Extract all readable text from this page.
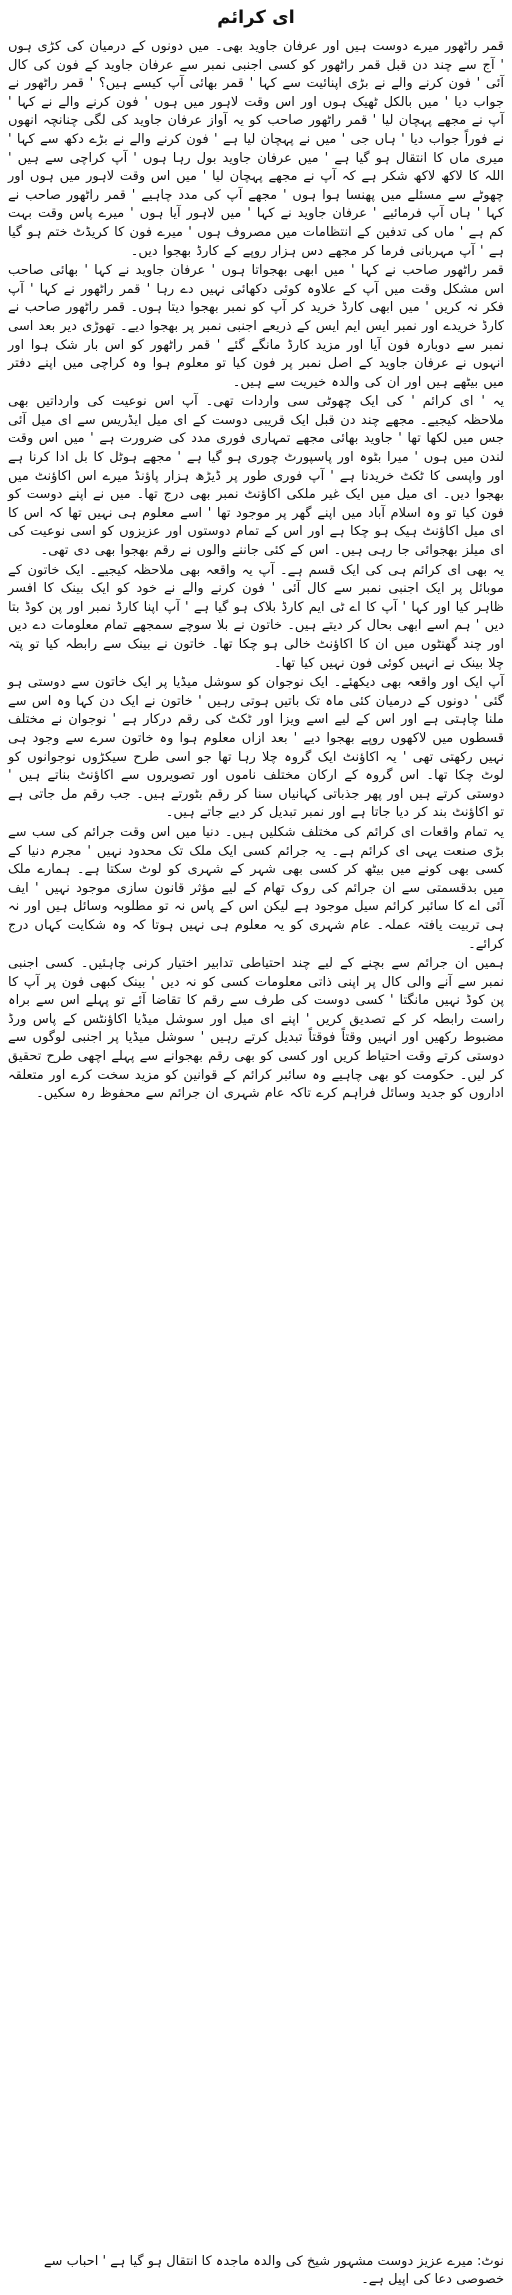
ای کرائم

قمر راٹھور میرے دوست ہیں اور عرفان جاوید بھی۔ میں دونوں کے درمیان کی کڑی ہوں ' آج سے چند دن قبل قمر راٹھور کو کسی اجنبی نمبر سے عرفان جاوید کے فون کی کال آئی ' فون کرنے والے نے بڑی اپنائیت سے کہا ' قمر بھائی آپ کیسے ہیں؟ ' قمر راٹھور نے جواب دیا ' میں بالکل ٹھیک ہوں اور اس وقت لاہور میں ہوں ' فون کرنے والے نے کہا ' آپ نے مجھے پہچان لیا ' قمر راٹھور صاحب کو یہ آواز عرفان جاوید کی لگی چنانچہ انھوں نے فوراً جواب دیا ' ہاں جی ' میں نے پہچان لیا ہے ' فون کرنے والے نے بڑے دکھ سے کہا ' میری ماں کا انتقال ہو گیا ہے ' میں عرفان جاوید بول رہا ہوں ' آپ کراچی سے ہیں ' اللہ کا لاکھ لاکھ شکر ہے کہ آپ نے مجھے پہچان لیا ' میں اس وقت لاہور میں ہوں اور چھوٹے سے مسئلے میں پھنسا ہوا ہوں ' مجھے آپ کی مدد چاہیے ' قمر راٹھور صاحب نے کہا ' ہاں آپ فرمائیے ' عرفان جاوید نے کہا ' میں لاہور آیا ہوں ' میرے پاس وقت بہت کم ہے ' ماں کی تدفین کے انتظامات میں مصروف ہوں ' میرے فون کا کریڈٹ ختم ہو گیا ہے ' آپ مہربانی فرما کر مجھے دس ہزار روپے کے کارڈ بھجوا دیں۔

قمر راٹھور صاحب نے کہا ' میں ابھی بھجواتا ہوں ' عرفان جاوید نے کہا ' بھائی صاحب اس مشکل وقت میں آپ کے علاوہ کوئی دکھائی نہیں دے رہا ' قمر راٹھور نے کہا ' آپ فکر نہ کریں ' میں ابھی کارڈ خرید کر آپ کو نمبر بھجوا دیتا ہوں۔ قمر راٹھور صاحب نے کارڈ خریدے اور نمبر ایس ایم ایس کے ذریعے اجنبی نمبر پر بھجوا دیے۔ تھوڑی دیر بعد اسی نمبر سے دوبارہ فون آیا اور مزید کارڈ مانگے گئے ' قمر راٹھور کو اس بار شک ہوا اور انہوں نے عرفان جاوید کے اصل نمبر پر فون کیا تو معلوم ہوا وہ کراچی میں اپنے دفتر میں بیٹھے ہیں اور ان کی والدہ خیریت سے ہیں۔

یہ ' ای کرائم ' کی ایک چھوٹی سی واردات تھی۔ آپ اس نوعیت کی وارداتیں بھی ملاحظہ کیجیے۔ مجھے چند دن قبل ایک قریبی دوست کے ای میل ایڈریس سے ای میل آئی جس میں لکھا تھا ' جاوید بھائی مجھے تمہاری فوری مدد کی ضرورت ہے ' میں اس وقت لندن میں ہوں ' میرا بٹوہ اور پاسپورٹ چوری ہو گیا ہے ' مجھے ہوٹل کا بل ادا کرنا ہے اور واپسی کا ٹکٹ خریدنا ہے ' آپ فوری طور پر ڈیڑھ ہزار پاؤنڈ میرے اس اکاؤنٹ میں بھجوا دیں۔ ای میل میں ایک غیر ملکی اکاؤنٹ نمبر بھی درج تھا۔ میں نے اپنے دوست کو فون کیا تو وہ اسلام آباد میں اپنے گھر پر موجود تھا ' اسے معلوم ہی نہیں تھا کہ اس کا ای میل اکاؤنٹ ہیک ہو چکا ہے اور اس کے تمام دوستوں اور عزیزوں کو اسی نوعیت کی ای میلز بھجوائی جا رہی ہیں۔ اس کے کئی جاننے والوں نے رقم بھجوا بھی دی تھی۔

یہ بھی ای کرائم ہی کی ایک قسم ہے۔ آپ یہ واقعہ بھی ملاحظہ کیجیے۔ ایک خاتون کے موبائل پر ایک اجنبی نمبر سے کال آئی ' فون کرنے والے نے خود کو ایک بینک کا افسر ظاہر کیا اور کہا ' آپ کا اے ٹی ایم کارڈ بلاک ہو گیا ہے ' آپ اپنا کارڈ نمبر اور پن کوڈ بتا دیں ' ہم اسے ابھی بحال کر دیتے ہیں۔ خاتون نے بلا سوچے سمجھے تمام معلومات دے دیں اور چند گھنٹوں میں ان کا اکاؤنٹ خالی ہو چکا تھا۔ خاتون نے بینک سے رابطہ کیا تو پتہ چلا بینک نے انہیں کوئی فون نہیں کیا تھا۔

آپ ایک اور واقعہ بھی دیکھئے۔ ایک نوجوان کو سوشل میڈیا پر ایک خاتون سے دوستی ہو گئی ' دونوں کے درمیان کئی ماہ تک باتیں ہوتی رہیں ' خاتون نے ایک دن کہا وہ اس سے ملنا چاہتی ہے اور اس کے لیے اسے ویزا اور ٹکٹ کی رقم درکار ہے ' نوجوان نے مختلف قسطوں میں لاکھوں روپے بھجوا دیے ' بعد ازاں معلوم ہوا وہ خاتون سرے سے وجود ہی نہیں رکھتی تھی ' یہ اکاؤنٹ ایک گروہ چلا رہا تھا جو اسی طرح سیکڑوں نوجوانوں کو لوٹ چکا تھا۔ اس گروہ کے ارکان مختلف ناموں اور تصویروں سے اکاؤنٹ بناتے ہیں ' دوستی کرتے ہیں اور پھر جذباتی کہانیاں سنا کر رقم بٹورتے ہیں۔ جب رقم مل جاتی ہے تو اکاؤنٹ بند کر دیا جاتا ہے اور نمبر تبدیل کر دیے جاتے ہیں۔

یہ تمام واقعات ای کرائم کی مختلف شکلیں ہیں۔ دنیا میں اس وقت جرائم کی سب سے بڑی صنعت یہی ای کرائم ہے۔ یہ جرائم کسی ایک ملک تک محدود نہیں ' مجرم دنیا کے کسی بھی کونے میں بیٹھ کر کسی بھی شہر کے شہری کو لوٹ سکتا ہے۔ ہمارے ملک میں بدقسمتی سے ان جرائم کی روک تھام کے لیے مؤثر قانون سازی موجود نہیں ' ایف آئی اے کا سائبر کرائم سیل موجود ہے لیکن اس کے پاس نہ تو مطلوبہ وسائل ہیں اور نہ ہی تربیت یافتہ عملہ۔ عام شہری کو یہ معلوم ہی نہیں ہوتا کہ وہ شکایت کہاں درج کرائے۔

ہمیں ان جرائم سے بچنے کے لیے چند احتیاطی تدابیر اختیار کرنی چاہئیں۔ کسی اجنبی نمبر سے آنے والی کال پر اپنی ذاتی معلومات کسی کو نہ دیں ' بینک کبھی فون پر آپ کا پن کوڈ نہیں مانگتا ' کسی دوست کی طرف سے رقم کا تقاضا آئے تو پہلے اس سے براہ راست رابطہ کر کے تصدیق کریں ' اپنے ای میل اور سوشل میڈیا اکاؤنٹس کے پاس ورڈ مضبوط رکھیں اور انہیں وقتاً فوقتاً تبدیل کرتے رہیں ' سوشل میڈیا پر اجنبی لوگوں سے دوستی کرتے وقت احتیاط کریں اور کسی کو بھی رقم بھجوانے سے پہلے اچھی طرح تحقیق کر لیں۔ حکومت کو بھی چاہیے وہ سائبر کرائم کے قوانین کو مزید سخت کرے اور متعلقہ اداروں کو جدید وسائل فراہم کرے تاکہ عام شہری ان جرائم سے محفوظ رہ سکیں۔

نوٹ: میرے عزیز دوست مشہور شیخ کی والدہ ماجدہ کا انتقال ہو گیا ہے ' احباب سے خصوصی دعا کی اپیل ہے۔
